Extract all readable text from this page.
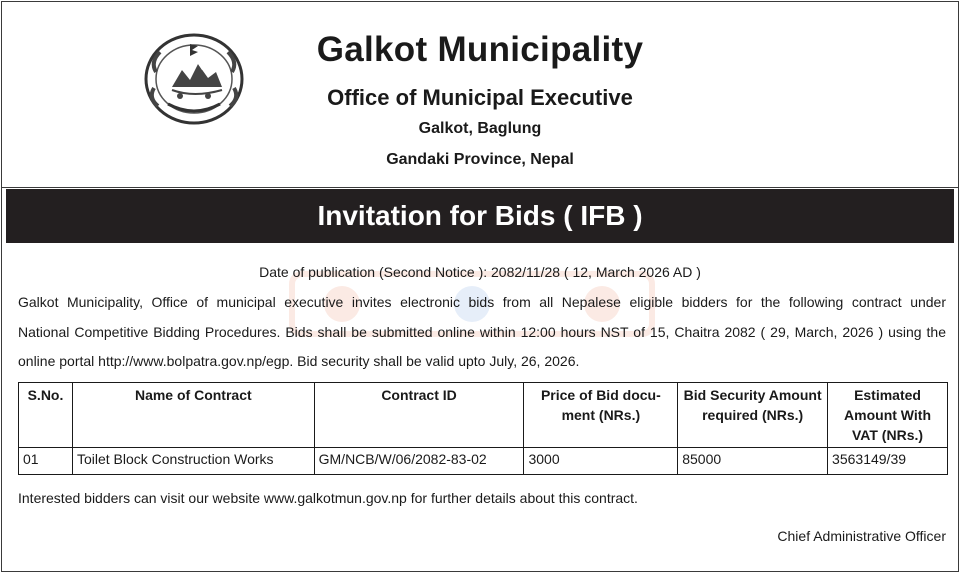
Galkot Municipality
Office of Municipal Executive
Galkot, Baglung
Gandaki Province, Nepal
Invitation for Bids ( IFB )
Date of publication (Second Notice ): 2082/11/28 ( 12, March 2026 AD )
Galkot Municipality, Office of municipal executive invites electronic bids from all Nepalese eligible bidders for the following contract under
National Competitive Bidding Procedures. Bids shall be submitted online within 12:00 hours NST of 15, Chaitra 2082 ( 29, March, 2026 ) using the
online portal http://www.bolpatra.gov.np/egp. Bid security shall be valid upto July, 26, 2026.
S.No.	Name of Contract	Contract ID	Price of Bid docu- ment (NRs.)	Bid Security Amount required (NRs.)	Estimated Amount With VAT (NRs.)
01	Toilet Block Construction Works	GM/NCB/W/06/2082-83-02	3000	85000	3563149/39
Interested bidders can visit our website www.galkotmun.gov.np for further details about this contract.
Chief Administrative Officer
